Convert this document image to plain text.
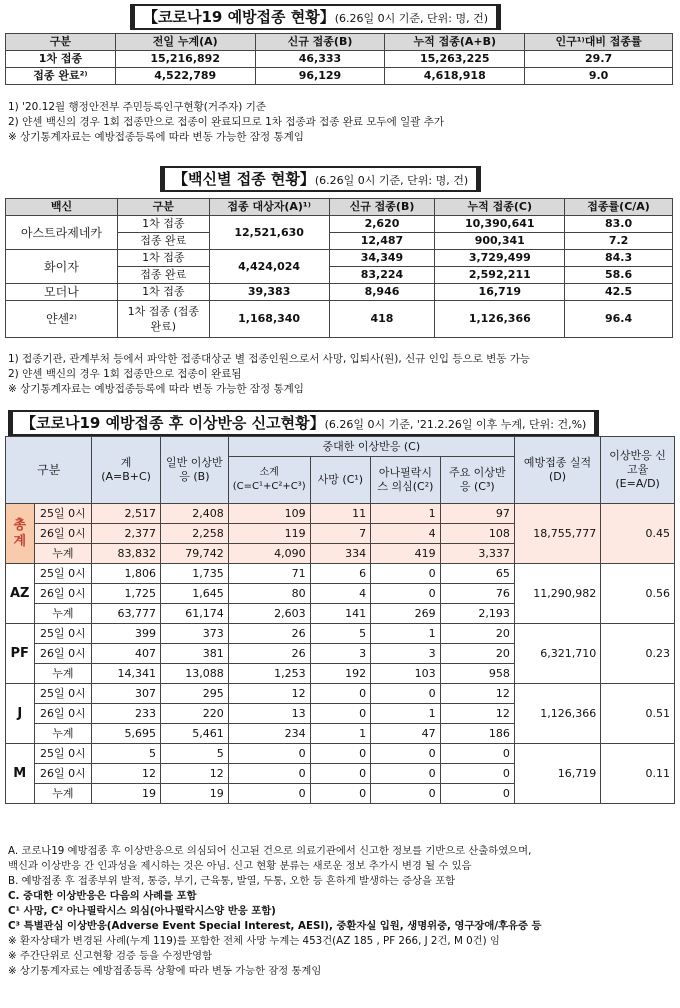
【코로나19 예방접종 현황】(6.26일 0시 기준, 단위: 명, 건)
구분	전일 누계(A)	신규 접종(B)	누적 접종(A+B)	인구¹⁾대비 접종률
1차 접종	15,216,892	46,333	15,263,225	29.7
접종 완료²⁾	4,522,789	96,129	4,618,918	9.0
1) '20.12월 행정안전부 주민등록인구현황(거주자) 기준
2) 얀센 백신의 경우 1회 접종만으로 접종이 완료되므로 1차 접종과 접종 완료 모두에 일괄 추가
※ 상기통계자료는 예방접종등록에 따라 변동 가능한 잠정 통계임
【백신별 접종 현황】(6.26일 0시 기준, 단위: 명, 건)
백신	구분	접종 대상자(A)¹⁾	신규 접종(B)	누적 접종(C)	접종률(C/A)
아스트라제네카	1차 접종	12,521,630	2,620	10,390,641	83.0
	접종 완료		12,487	900,341	7.2
화이자	1차 접종	4,424,024	34,349	3,729,499	84.3
	접종 완료		83,224	2,592,211	58.6
모더나	1차 접종	39,383	8,946	16,719	42.5
얀센²⁾	1차 접종 (접종 완료)	1,168,340	418	1,126,366	96.4
1) 접종기관, 관계부처 등에서 파악한 접종대상군 별 접종인원으로서 사망, 입퇴사(원), 신규 인입 등으로 변동 가능
2) 얀센 백신의 경우 1회 접종만으로 접종이 완료됨
※ 상기통계자료는 예방접종등록에 따라 변동 가능한 잠정 통계임
【코로나19 예방접종 후 이상반응 신고현황】(6.26일 0시 기준, '21.2.26일 이후 누계, 단위: 건,%)
구분		계 (A=B+C)	일반 이상반응 (B)	중대한 이상반응 (C)				예방접종 실적(D)	이상반응 신고율 (E=A/D)
				소계 (C=C¹+C²+C³)	사망 (C¹)	아나필락시스 의심(C²)	주요 이상반응 (C³)		
총계	25일 0시	2,517	2,408	109	11	1	97	18,755,777	0.45
	26일 0시	2,377	2,258	119	7	4	108		
	누계	83,832	79,742	4,090	334	419	3,337		
AZ	25일 0시	1,806	1,735	71	6	0	65	11,290,982	0.56
	26일 0시	1,725	1,645	80	4	0	76		
	누계	63,777	61,174	2,603	141	269	2,193		
PF	25일 0시	399	373	26	5	1	20	6,321,710	0.23
	26일 0시	407	381	26	3	3	20		
	누계	14,341	13,088	1,253	192	103	958		
J	25일 0시	307	295	12	0	0	12	1,126,366	0.51
	26일 0시	233	220	13	0	1	12		
	누계	5,695	5,461	234	1	47	186		
M	25일 0시	5	5	0	0	0	0	16,719	0.11
	26일 0시	12	12	0	0	0	0		
	누계	19	19	0	0	0	0		
A. 코로나19 예방접종 후 이상반응으로 의심되어 신고된 건으로 의료기관에서 신고한 정보를 기반으로 산출하였으며,
백신과 이상반응 간 인과성을 제시하는 것은 아님. 신고 현황 분류는 새로운 정보 추가시 변경 될 수 있음
B. 예방접종 후 접종부위 발적, 통증, 부기, 근육통, 발열, 두통, 오한 등 흔하게 발생하는 증상을 포함
C. 중대한 이상반응은 다음의 사례를 포함
C¹ 사망, C² 아나필락시스 의심(아나필락시스양 반응 포함)
C³ 특별관심 이상반응(Adverse Event Special Interest, AESI), 중환자실 입원, 생명위중, 영구장애/후유증 등
※ 환자상태가 변경된 사례(누계 119)를 포함한 전체 사망 누계는 453건(AZ 185 , PF 266, J 2건, M 0건) 임
※ 주간단위로 신고현황 검증 등을 수정반영함
※ 상기통계자료는 예방접종등록 상황에 따라 변동 가능한 잠정 통계임
